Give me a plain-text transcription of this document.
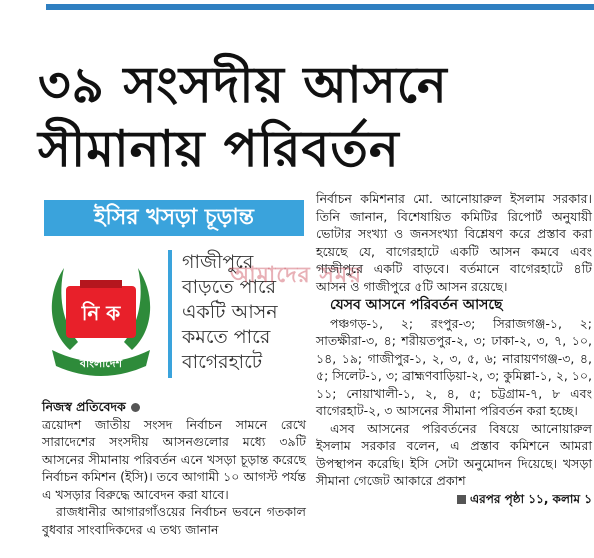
৩৯ সংসদীয় আসনে
সীমানায় পরিবর্তন
ইসির খসড়া চূড়ান্ত
নি ক
বাংলাদেশ
গাজীপুরে
বাড়তে পারে
একটি আসন
কমতে পারে
বাগেরহাটে
আমাদের সময়

নিজস্ব প্রতিবেদক

ত্রয়োদশ জাতীয় সংসদ নির্বাচন সামনে রেখে সারাদেশের সংসদীয় আসনগুলোর মধ্যে ৩৯টি আসনের সীমানায় পরিবর্তন এনে খসড়া চূড়ান্ত করেছে নির্বাচন কমিশন (ইসি)। তবে আগামী ১০ আগস্ট পর্যন্ত এ খসড়ার বিরুদ্ধে আবেদন করা যাবে।

রাজধানীর আগারগাঁওয়ের নির্বাচন ভবনে গতকাল বুধবার সাংবাদিকদের এ তথ্য জানান

নির্বাচন কমিশনার মো. আনোয়ারুল ইসলাম সরকার। তিনি জানান, বিশেষায়িত কমিটির রিপোর্ট অনুযায়ী ভোটার সংখ্যা ও জনসংখ্যা বিশ্লেষণ করে প্রস্তাব করা হয়েছে যে, বাগেরহাটে একটি আসন কমবে এবং গাজীপুরে একটি বাড়বে। বর্তমানে বাগেরহাটে ৪টি আসন ও গাজীপুরে ৫টি আসন রয়েছে।

যেসব আসনে পরিবর্তন আসছে

পঞ্চগড়-১, ২; রংপুর-৩; সিরাজগঞ্জ-১, ২; সাতক্ষীরা-৩, ৪; শরীয়তপুর-২, ৩; ঢাকা-২, ৩, ৭, ১০, ১৪, ১৯; গাজীপুর-১, ২, ৩, ৫, ৬; নারায়ণগঞ্জ-৩, ৪, ৫; সিলেট-১, ৩; ব্রাহ্মণবাড়িয়া-২, ৩; কুমিল্লা-১, ২, ১০, ১১; নোয়াখালী-১, ২, ৪, ৫; চট্টগ্রাম-৭, ৮ এবং বাগেরহাট-২, ৩ আসনের সীমানা পরিবর্তন করা হচ্ছে।

এসব আসনের পরিবর্তনের বিষয়ে আনোয়ারুল ইসলাম সরকার বলেন, এ প্রস্তাব কমিশনে আমরা উপস্থাপন করেছি। ইসি সেটা অনুমোদন দিয়েছে। খসড়া সীমানা গেজেট আকারে প্রকাশ

এরপর পৃষ্ঠা ১১, কলাম ১
